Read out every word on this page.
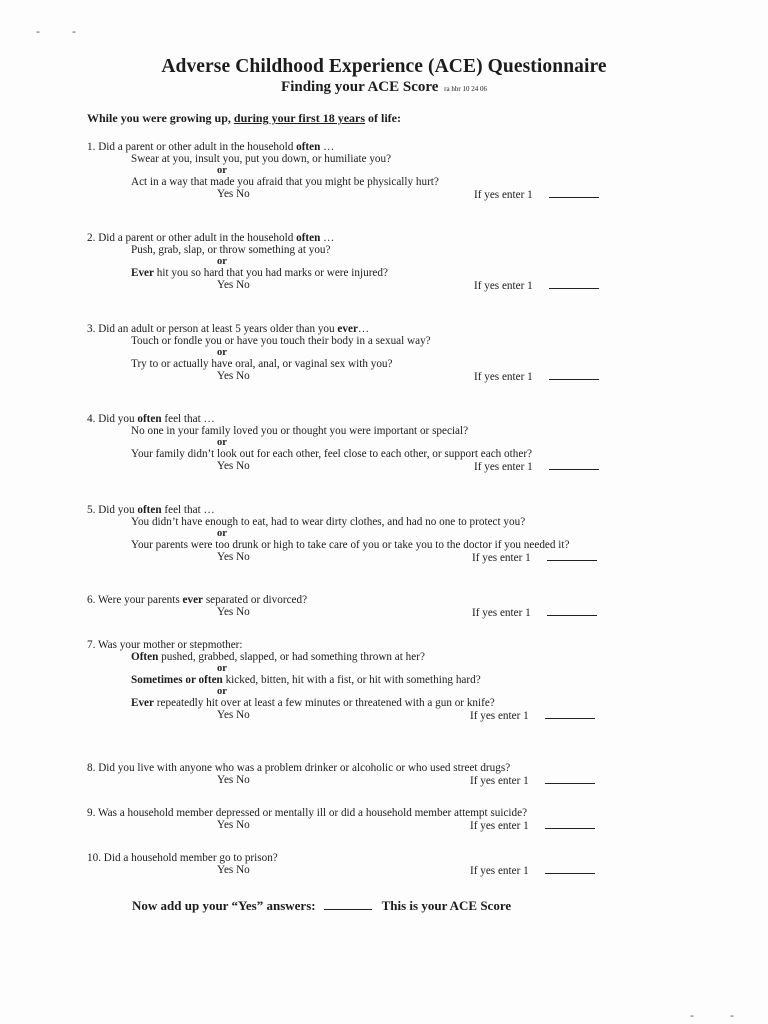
-	-
-	-
Adverse Childhood Experience (ACE) Questionnaire
Finding your ACE Score ra hbr 10 24 06
While you were growing up, during your first 18 years of life:
1. Did a parent or other adult in the household often …
Swear at you, insult you, put you down, or humiliate you?
or
Act in a way that made you afraid that you might be physically hurt?
Yes No	If yes enter 1
2. Did a parent or other adult in the household often …
Push, grab, slap, or throw something at you?
or
Ever hit you so hard that you had marks or were injured?
Yes No	If yes enter 1
3. Did an adult or person at least 5 years older than you ever…
Touch or fondle you or have you touch their body in a sexual way?
or
Try to or actually have oral, anal, or vaginal sex with you?
Yes No	If yes enter 1
4. Did you often feel that …
No one in your family loved you or thought you were important or special?
or
Your family didn’t look out for each other, feel close to each other, or support each other?
Yes No	If yes enter 1
5. Did you often feel that …
You didn’t have enough to eat, had to wear dirty clothes, and had no one to protect you?
or
Your parents were too drunk or high to take care of you or take you to the doctor if you needed it?
Yes No	If yes enter 1
6. Were your parents ever separated or divorced?
Yes No	If yes enter 1
7. Was your mother or stepmother:
Often pushed, grabbed, slapped, or had something thrown at her?
or
Sometimes or often kicked, bitten, hit with a fist, or hit with something hard?
or
Ever repeatedly hit over at least a few minutes or threatened with a gun or knife?
Yes No	If yes enter 1
8. Did you live with anyone who was a problem drinker or alcoholic or who used street drugs?
Yes No	If yes enter 1
9. Was a household member depressed or mentally ill or did a household member attempt suicide?
Yes No	If yes enter 1
10. Did a household member go to prison?
Yes No	If yes enter 1
Now add up your “Yes” answers:	This is your ACE Score
